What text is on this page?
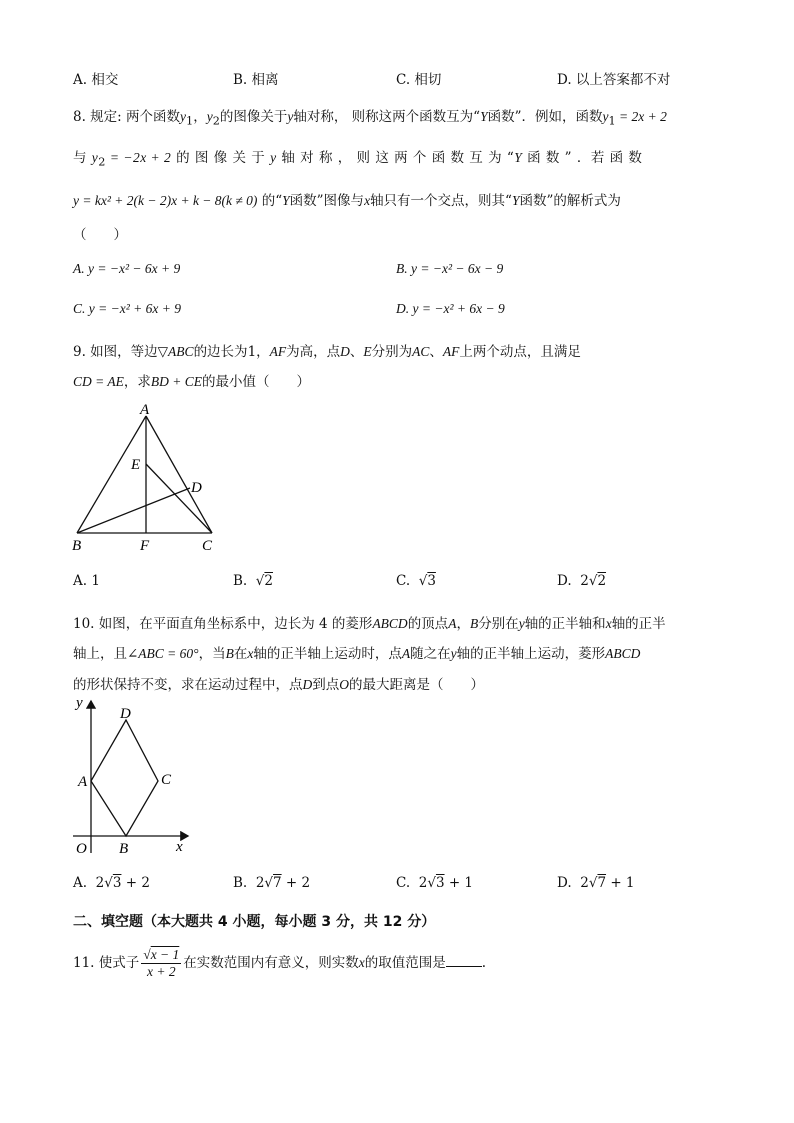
A. 相交	B. 相离	C. 相切	D. 以上答案都不对
8. 规定: 两个函数$y_1$，$y_2$的图像关于y轴对称， 则称这两个函数互为“Y函数”．例如，函数$y_1 = 2x + 2$
与 $y_2 = -2x + 2$ 的 图 像 关 于 y 轴 对 称 ， 则 这 两 个 函 数 互 为 “Y 函 数 ” ．若 函 数
y = kx² + 2(k − 2)x + k − 8(k ≠ 0) 的“Y函数”图像与x轴只有一个交点，则其“Y函数”的解析式为
（　　）
A. y = −x² − 6x + 9	B. y = −x² − 6x − 9
C. y = −x² + 6x + 9	D. y = −x² + 6x − 9
9. 如图，等边▽ABC的边长为1，AF为高，点D、E分别为AC、AF上两个动点，且满足
CD = AE，求BD + CE的最小值（　　）
A
E
D
B	F	C
A. 1	B.  √2	C.  √3	D. 2√2
10. 如图，在平面直角坐标系中，边长为 4 的菱形ABCD的顶点A，B分别在y轴的正半轴和x轴的正半
轴上，且∠ABC = 60°，当B在x轴的正半轴上运动时，点A随之在y轴的正半轴上运动，菱形ABCD
的形状保持不变，求在运动过程中，点D到点O的最大距离是（　　）
y
D
A	C
O B	x
A. 2√3 + 2	B. 2√7 + 2	C. 2√3 + 1	D. 2√7 + 1
二、填空题（本大题共 4 小题，每小题 3 分，共 12 分）
11. 使式子 $\frac{√x - 1}{x + 2}$ 在实数范围内有意义，则实数x的取值范围是	.
